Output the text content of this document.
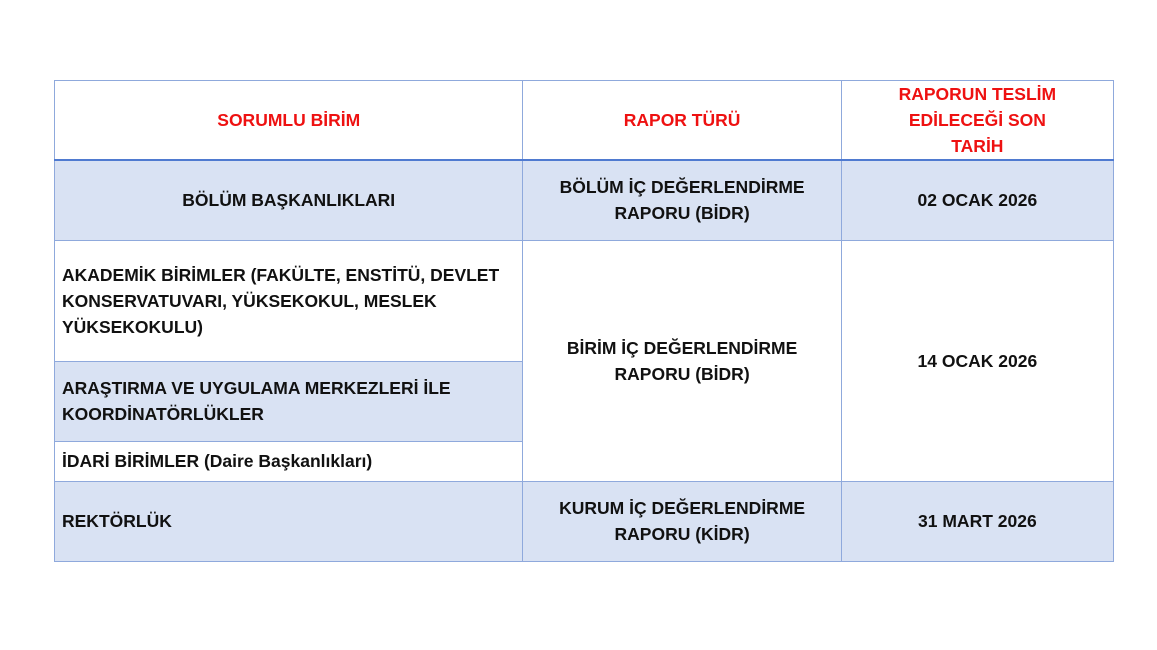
SORUMLU BİRİM	RAPOR TÜRÜ	RAPORUN TESLİM EDİLECEĞİ SON TARİH
BÖLÜM BAŞKANLIKLARI	BÖLÜM İÇ DEĞERLENDİRME RAPORU (BİDR)	02 OCAK 2026
AKADEMİK BİRİMLER (FAKÜLTE, ENSTİTÜ, DEVLET KONSERVATUVARI, YÜKSEKOKUL, MESLEK YÜKSEKOKULU)	BİRİM İÇ DEĞERLENDİRME RAPORU (BİDR)	14 OCAK 2026
ARAŞTIRMA VE UYGULAMA MERKEZLERİ İLE KOORDİNATÖRLÜKLER		
İDARİ BİRİMLER (Daire Başkanlıkları)		
REKTÖRLÜK	KURUM İÇ DEĞERLENDİRME RAPORU (KİDR)	31 MART 2026
